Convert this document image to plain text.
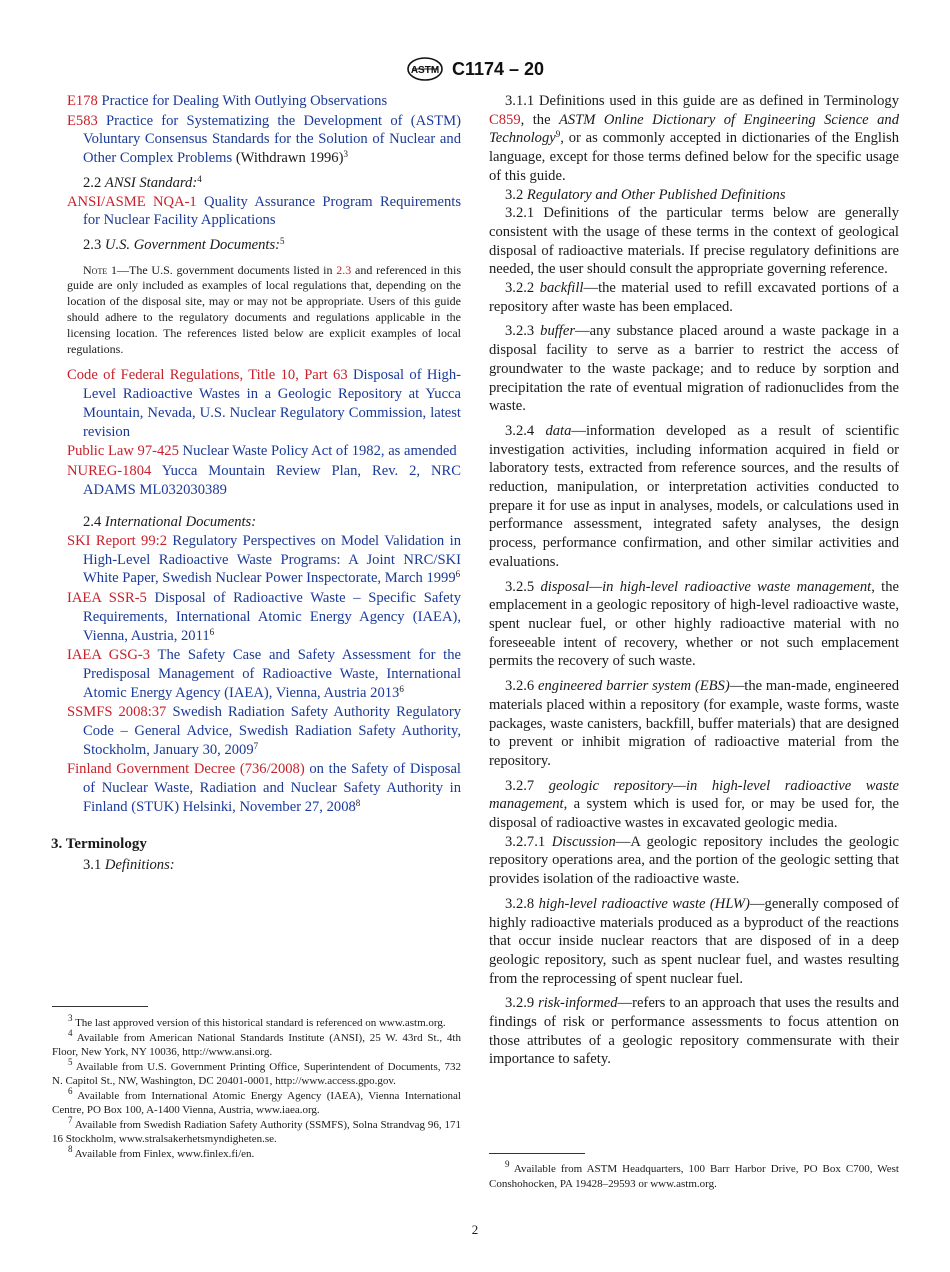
ASTM C1174 – 20

E178 Practice for Dealing With Outlying Observations

E583 Practice for Systematizing the Development of (ASTM) Voluntary Consensus Standards for the Solution of Nuclear and Other Complex Problems (Withdrawn 1996)$^3$

2.2 ANSI Standard:$^4$

ANSI/ASME NQA-1 Quality Assurance Program Requirements for Nuclear Facility Applications

2.3 U.S. Government Documents:$^5$

Note 1—The U.S. government documents listed in 2.3 and referenced in this guide are only included as examples of local regulations that, depending on the location of the disposal site, may or may not be appropriate. Users of this guide should adhere to the regulatory documents and regulations applicable in the licensing location. The references listed below are explicit examples of local regulations.

Code of Federal Regulations, Title 10, Part 63 Disposal of High-Level Radioactive Wastes in a Geologic Repository at Yucca Mountain, Nevada, U.S. Nuclear Regulatory Commission, latest revision

Public Law 97-425 Nuclear Waste Policy Act of 1982, as amended

NUREG-1804 Yucca Mountain Review Plan, Rev. 2, NRC ADAMS ML032030389

2.4 International Documents:

SKI Report 99:2 Regulatory Perspectives on Model Validation in High-Level Radioactive Waste Programs: A Joint NRC/SKI White Paper, Swedish Nuclear Power Inspectorate, March 1999$^6$

IAEA SSR-5 Disposal of Radioactive Waste – Specific Safety Requirements, International Atomic Energy Agency (IAEA), Vienna, Austria, 2011$^6$

IAEA GSG-3 The Safety Case and Safety Assessment for the Predisposal Management of Radioactive Waste, International Atomic Energy Agency (IAEA), Vienna, Austria 2013$^6$

SSMFS 2008:37 Swedish Radiation Safety Authority Regulatory Code – General Advice, Swedish Radiation Safety Authority, Stockholm, January 30, 2009$^7$

Finland Government Decree (736/2008) on the Safety of Disposal of Nuclear Waste, Radiation and Nuclear Safety Authority in Finland (STUK) Helsinki, November 27, 2008$^8$

3. Terminology

3.1 Definitions:

3.1.1 Definitions used in this guide are as defined in Terminology C859, the ASTM Online Dictionary of Engineering Science and Technology$^9$, or as commonly accepted in dictionaries of the English language, except for those terms defined below for the specific usage of this guide.

3.2 Regulatory and Other Published Definitions

3.2.1 Definitions of the particular terms below are generally consistent with the usage of these terms in the context of geological disposal of radioactive materials. If precise regulatory definitions are needed, the user should consult the appropriate governing reference.

3.2.2 backfill—the material used to refill excavated portions of a repository after waste has been emplaced.

3.2.3 buffer—any substance placed around a waste package in a disposal facility to serve as a barrier to restrict the access of groundwater to the waste package; and to reduce by sorption and precipitation the rate of eventual migration of radionuclides from the waste.

3.2.4 data—information developed as a result of scientific investigation activities, including information acquired in field or laboratory tests, extracted from reference sources, and the results of reduction, manipulation, or interpretation activities conducted to prepare it for use as input in analyses, models, or calculations used in performance assessment, integrated safety analyses, the design process, performance confirmation, and other similar activities and evaluations.

3.2.5 disposal—in high-level radioactive waste management, the emplacement in a geologic repository of high-level radioactive waste, spent nuclear fuel, or other highly radioactive material with no foreseeable intent of recovery, whether or not such emplacement permits the recovery of such waste.

3.2.6 engineered barrier system (EBS)—the man-made, engineered materials placed within a repository (for example, waste forms, waste packages, waste canisters, backfill, buffer materials) that are designed to prevent or inhibit migration of radioactive material from the repository.

3.2.7 geologic repository—in high-level radioactive waste management, a system which is used for, or may be used for, the disposal of radioactive wastes in excavated geologic media.

3.2.7.1 Discussion—A geologic repository includes the geologic repository operations area, and the portion of the geologic setting that provides isolation of the radioactive waste.

3.2.8 high-level radioactive waste (HLW)—generally composed of highly radioactive materials produced as a byproduct of the reactions that occur inside nuclear reactors that are disposed of in a deep geologic repository, such as spent nuclear fuel, and wastes resulting from the reprocessing of spent nuclear fuel.

3.2.9 risk-informed—refers to an approach that uses the results and findings of risk or performance assessments to focus attention on those attributes of a geologic repository commensurate with their importance to safety.

$^3$ The last approved version of this historical standard is referenced on www.astm.org.

$^4$ Available from American National Standards Institute (ANSI), 25 W. 43rd St., 4th Floor, New York, NY 10036, http://www.ansi.org.

$^5$ Available from U.S. Government Printing Office, Superintendent of Documents, 732 N. Capitol St., NW, Washington, DC 20401-0001, http://www.access.gpo.gov.

$^6$ Available from International Atomic Energy Agency (IAEA), Vienna International Centre, PO Box 100, A-1400 Vienna, Austria, www.iaea.org.

$^7$ Available from Swedish Radiation Safety Authority (SSMFS), Solna Strandvag 96, 171 16 Stockholm, www.stralsakerhetsmyndigheten.se.

$^8$ Available from Finlex, www.finlex.fi/en.

$^9$ Available from ASTM Headquarters, 100 Barr Harbor Drive, PO Box C700, West Conshohocken, PA 19428–29593 or www.astm.org.

2
